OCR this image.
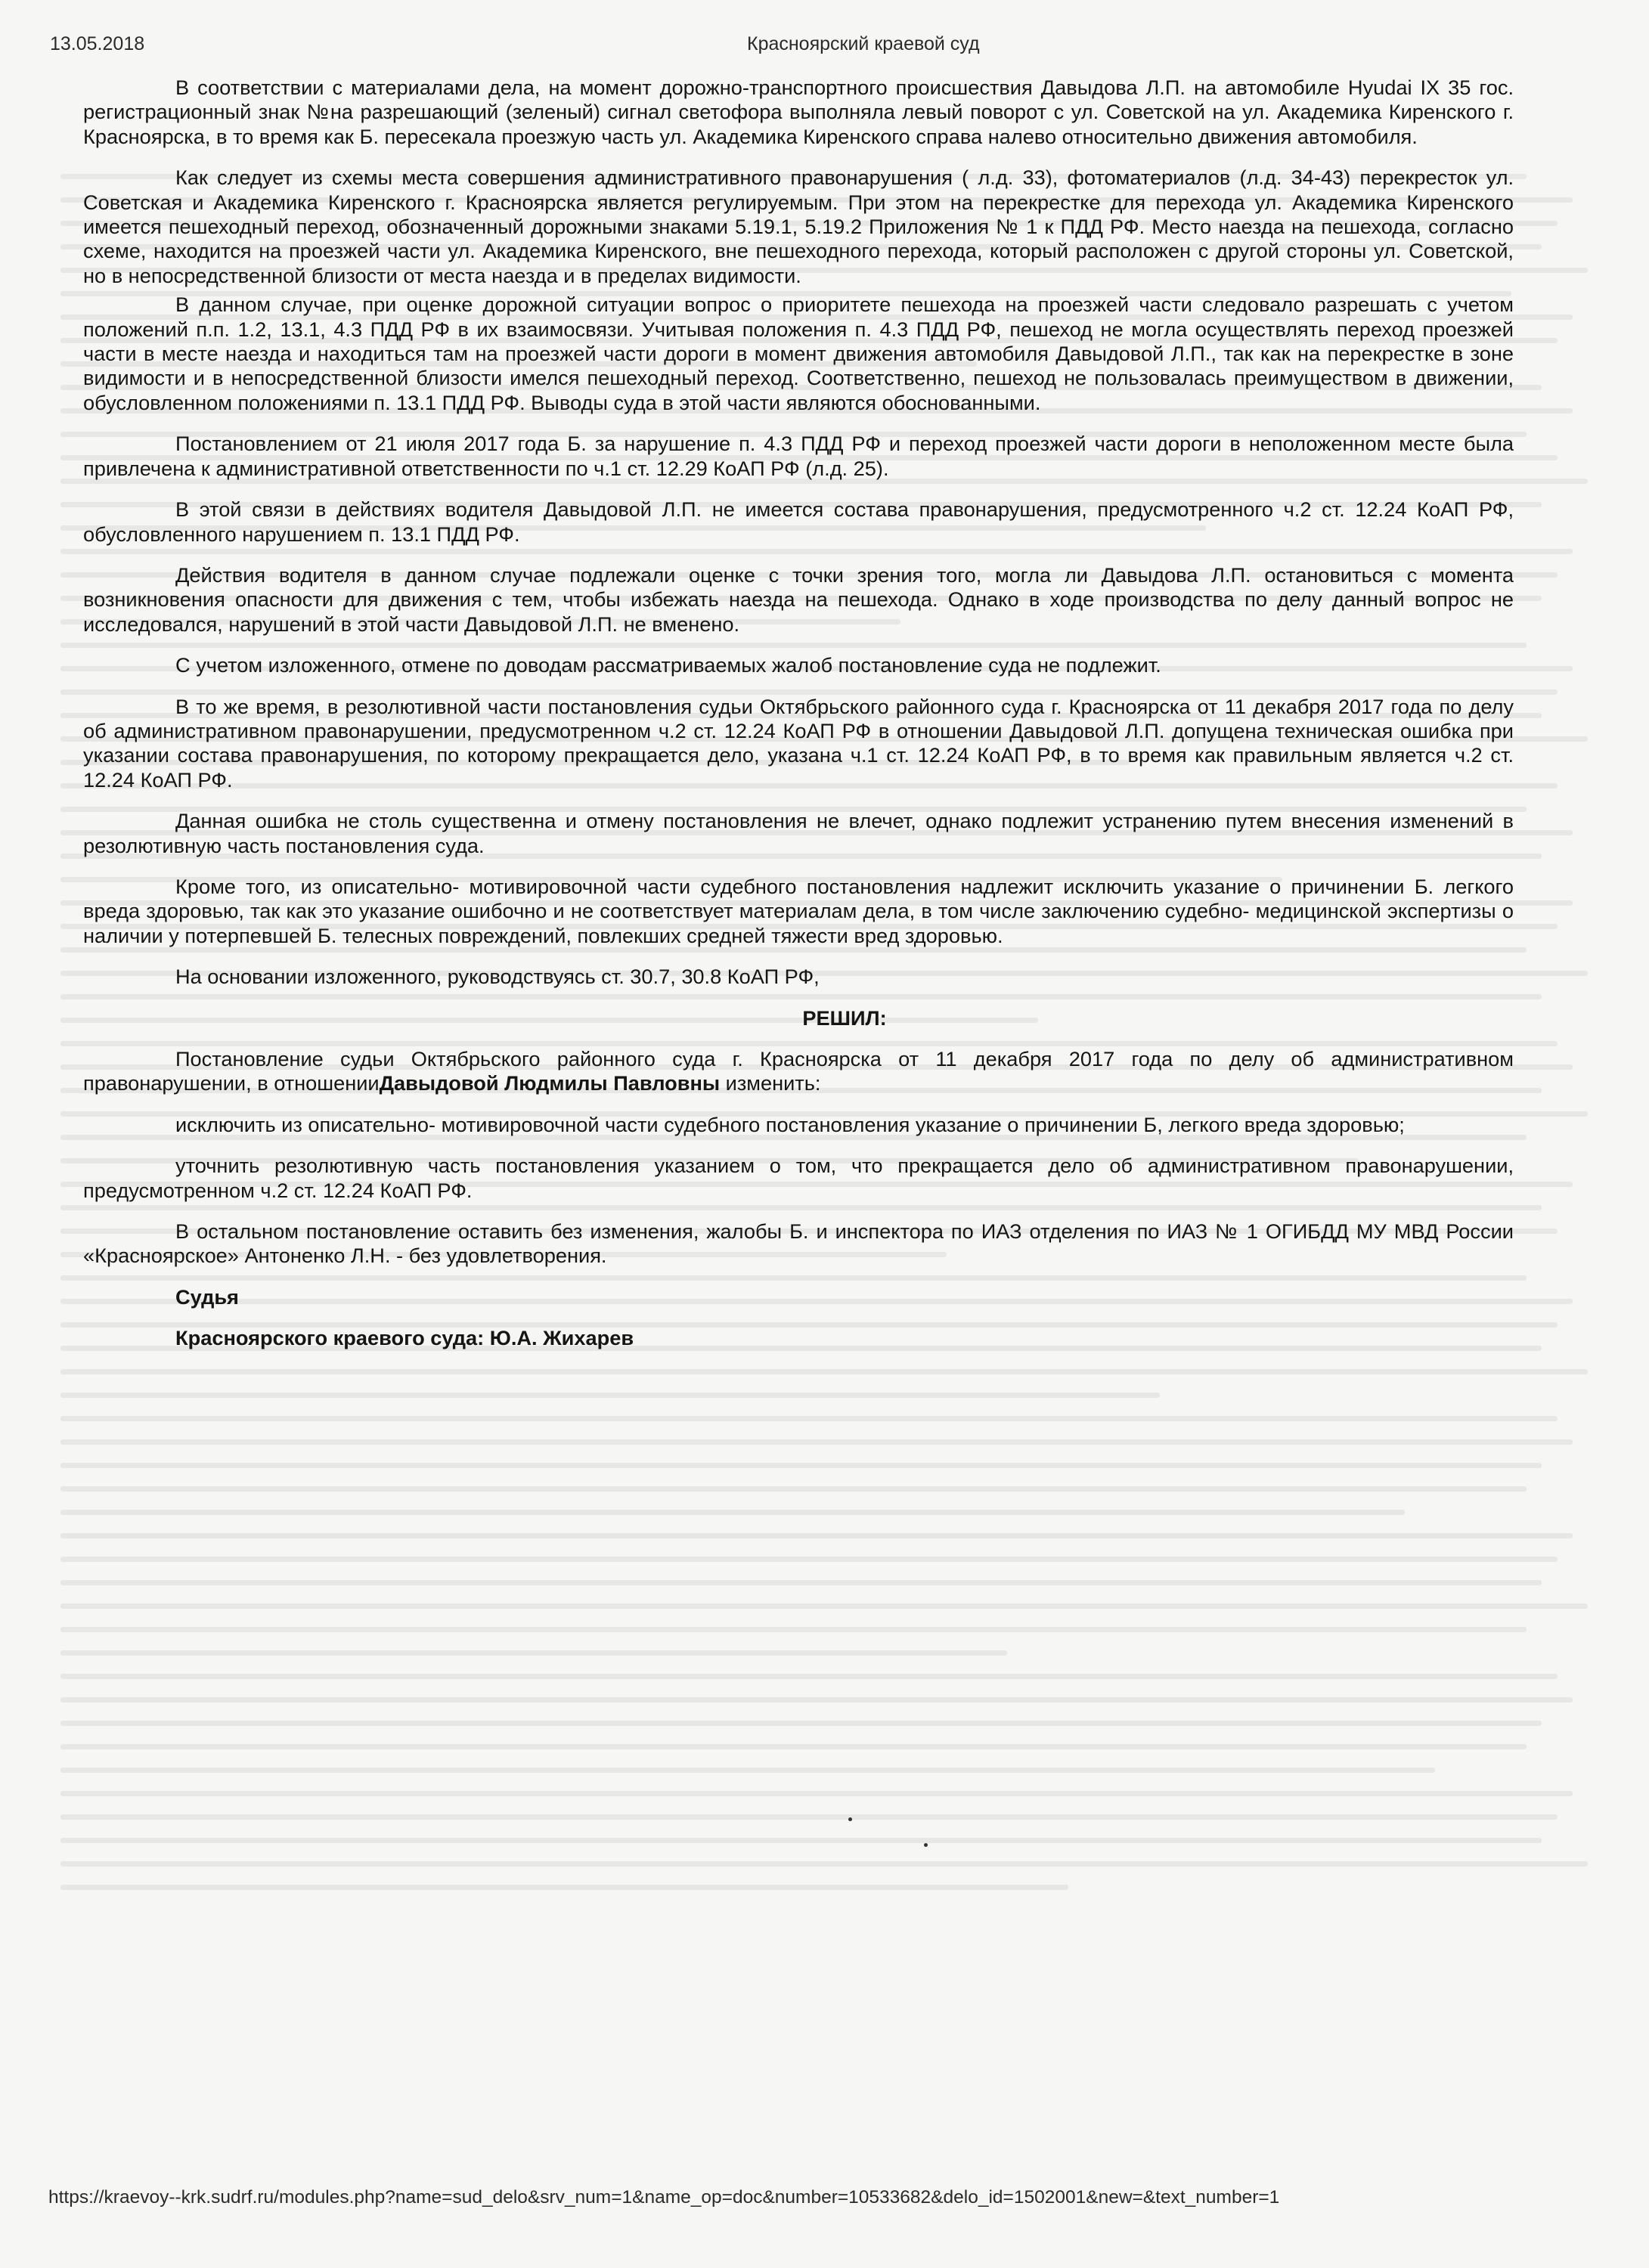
13.05.2018	Красноярский краевой суд

В соответствии с материалами дела, на момент дорожно-транспортного происшествия Давыдова Л.П. на автомобиле Hyudai IX 35 гос. регистрационный знак №на разрешающий (зеленый) сигнал светофора выполняла левый поворот с ул. Советской на ул. Академика Киренского г. Красноярска, в то время как Б. пересекала проезжую часть ул. Академика Киренского справа налево относительно движения автомобиля.

Как следует из схемы места совершения административного правонарушения ( л.д. 33), фотоматериалов (л.д. 34-43) перекресток ул. Советская и Академика Киренского г. Красноярска является регулируемым. При этом на перекрестке для перехода ул. Академика Киренского имеется пешеходный переход, обозначенный дорожными знаками 5.19.1, 5.19.2 Приложения № 1 к ПДД РФ. Место наезда на пешехода, согласно схеме, находится на проезжей части ул. Академика Киренского, вне пешеходного перехода, который расположен с другой стороны ул. Советской, но в непосредственной близости от места наезда и в пределах видимости.

В данном случае, при оценке дорожной ситуации вопрос о приоритете пешехода на проезжей части следовало разрешать с учетом положений п.п. 1.2, 13.1, 4.3 ПДД РФ в их взаимосвязи. Учитывая положения п. 4.3 ПДД РФ, пешеход не могла осуществлять переход проезжей части в месте наезда и находиться там на проезжей части дороги в момент движения автомобиля Давыдовой Л.П., так как на перекрестке в зоне видимости и в непосредственной близости имелся пешеходный переход. Соответственно, пешеход не пользовалась преимуществом в движении, обусловленном положениями п. 13.1 ПДД РФ. Выводы суда в этой части являются обоснованными.

Постановлением от 21 июля 2017 года Б. за нарушение п. 4.3 ПДД РФ и переход проезжей части дороги в неположенном месте была привлечена к административной ответственности по ч.1 ст. 12.29 КоАП РФ (л.д. 25).

В этой связи в действиях водителя Давыдовой Л.П. не имеется состава правонарушения, предусмотренного ч.2 ст. 12.24 КоАП РФ, обусловленного нарушением п. 13.1 ПДД РФ.

Действия водителя в данном случае подлежали оценке с точки зрения того, могла ли Давыдова Л.П. остановиться с момента возникновения опасности для движения с тем, чтобы избежать наезда на пешехода. Однако в ходе производства по делу данный вопрос не исследовался, нарушений в этой части Давыдовой Л.П. не вменено.

С учетом изложенного, отмене по доводам рассматриваемых жалоб постановление суда не подлежит.

В то же время, в резолютивной части постановления судьи Октябрьского районного суда г. Красноярска от 11 декабря 2017 года по делу об административном правонарушении, предусмотренном ч.2 ст. 12.24 КоАП РФ в отношении Давыдовой Л.П. допущена техническая ошибка при указании состава правонарушения, по которому прекращается дело, указана ч.1 ст. 12.24 КоАП РФ, в то время как правильным является ч.2 ст. 12.24 КоАП РФ.

Данная ошибка не столь существенна и отмену постановления не влечет, однако подлежит устранению путем внесения изменений в резолютивную часть постановления суда.

Кроме того, из описательно- мотивировочной части судебного постановления надлежит исключить указание о причинении Б. легкого вреда здоровью, так как это указание ошибочно и не соответствует материалам дела, в том числе заключению судебно- медицинской экспертизы о наличии у потерпевшей Б. телесных повреждений, повлекших средней тяжести вред здоровью.

На основании изложенного, руководствуясь ст. 30.7, 30.8 КоАП РФ,

РЕШИЛ:

Постановление судьи Октябрьского районного суда г. Красноярска от 11 декабря 2017 года по делу об административном правонарушении, в отношенииДавыдовой Людмилы Павловны изменить:

исключить из описательно- мотивировочной части судебного постановления указание о причинении Б, легкого вреда здоровью;

уточнить резолютивную часть постановления указанием о том, что прекращается дело об административном правонарушении, предусмотренном ч.2 ст. 12.24 КоАП РФ.

В остальном постановление оставить без изменения, жалобы Б. и инспектора по ИАЗ отделения по ИАЗ № 1 ОГИБДД МУ МВД России «Красноярское» Антоненко Л.Н. - без удовлетворения.

Судья

Красноярского краевого суда: Ю.А. Жихарев

https://kraevoy--krk.sudrf.ru/modules.php?name=sud_delo&srv_num=1&name_op=doc&number=10533682&delo_id=1502001&new=&text_number=1
